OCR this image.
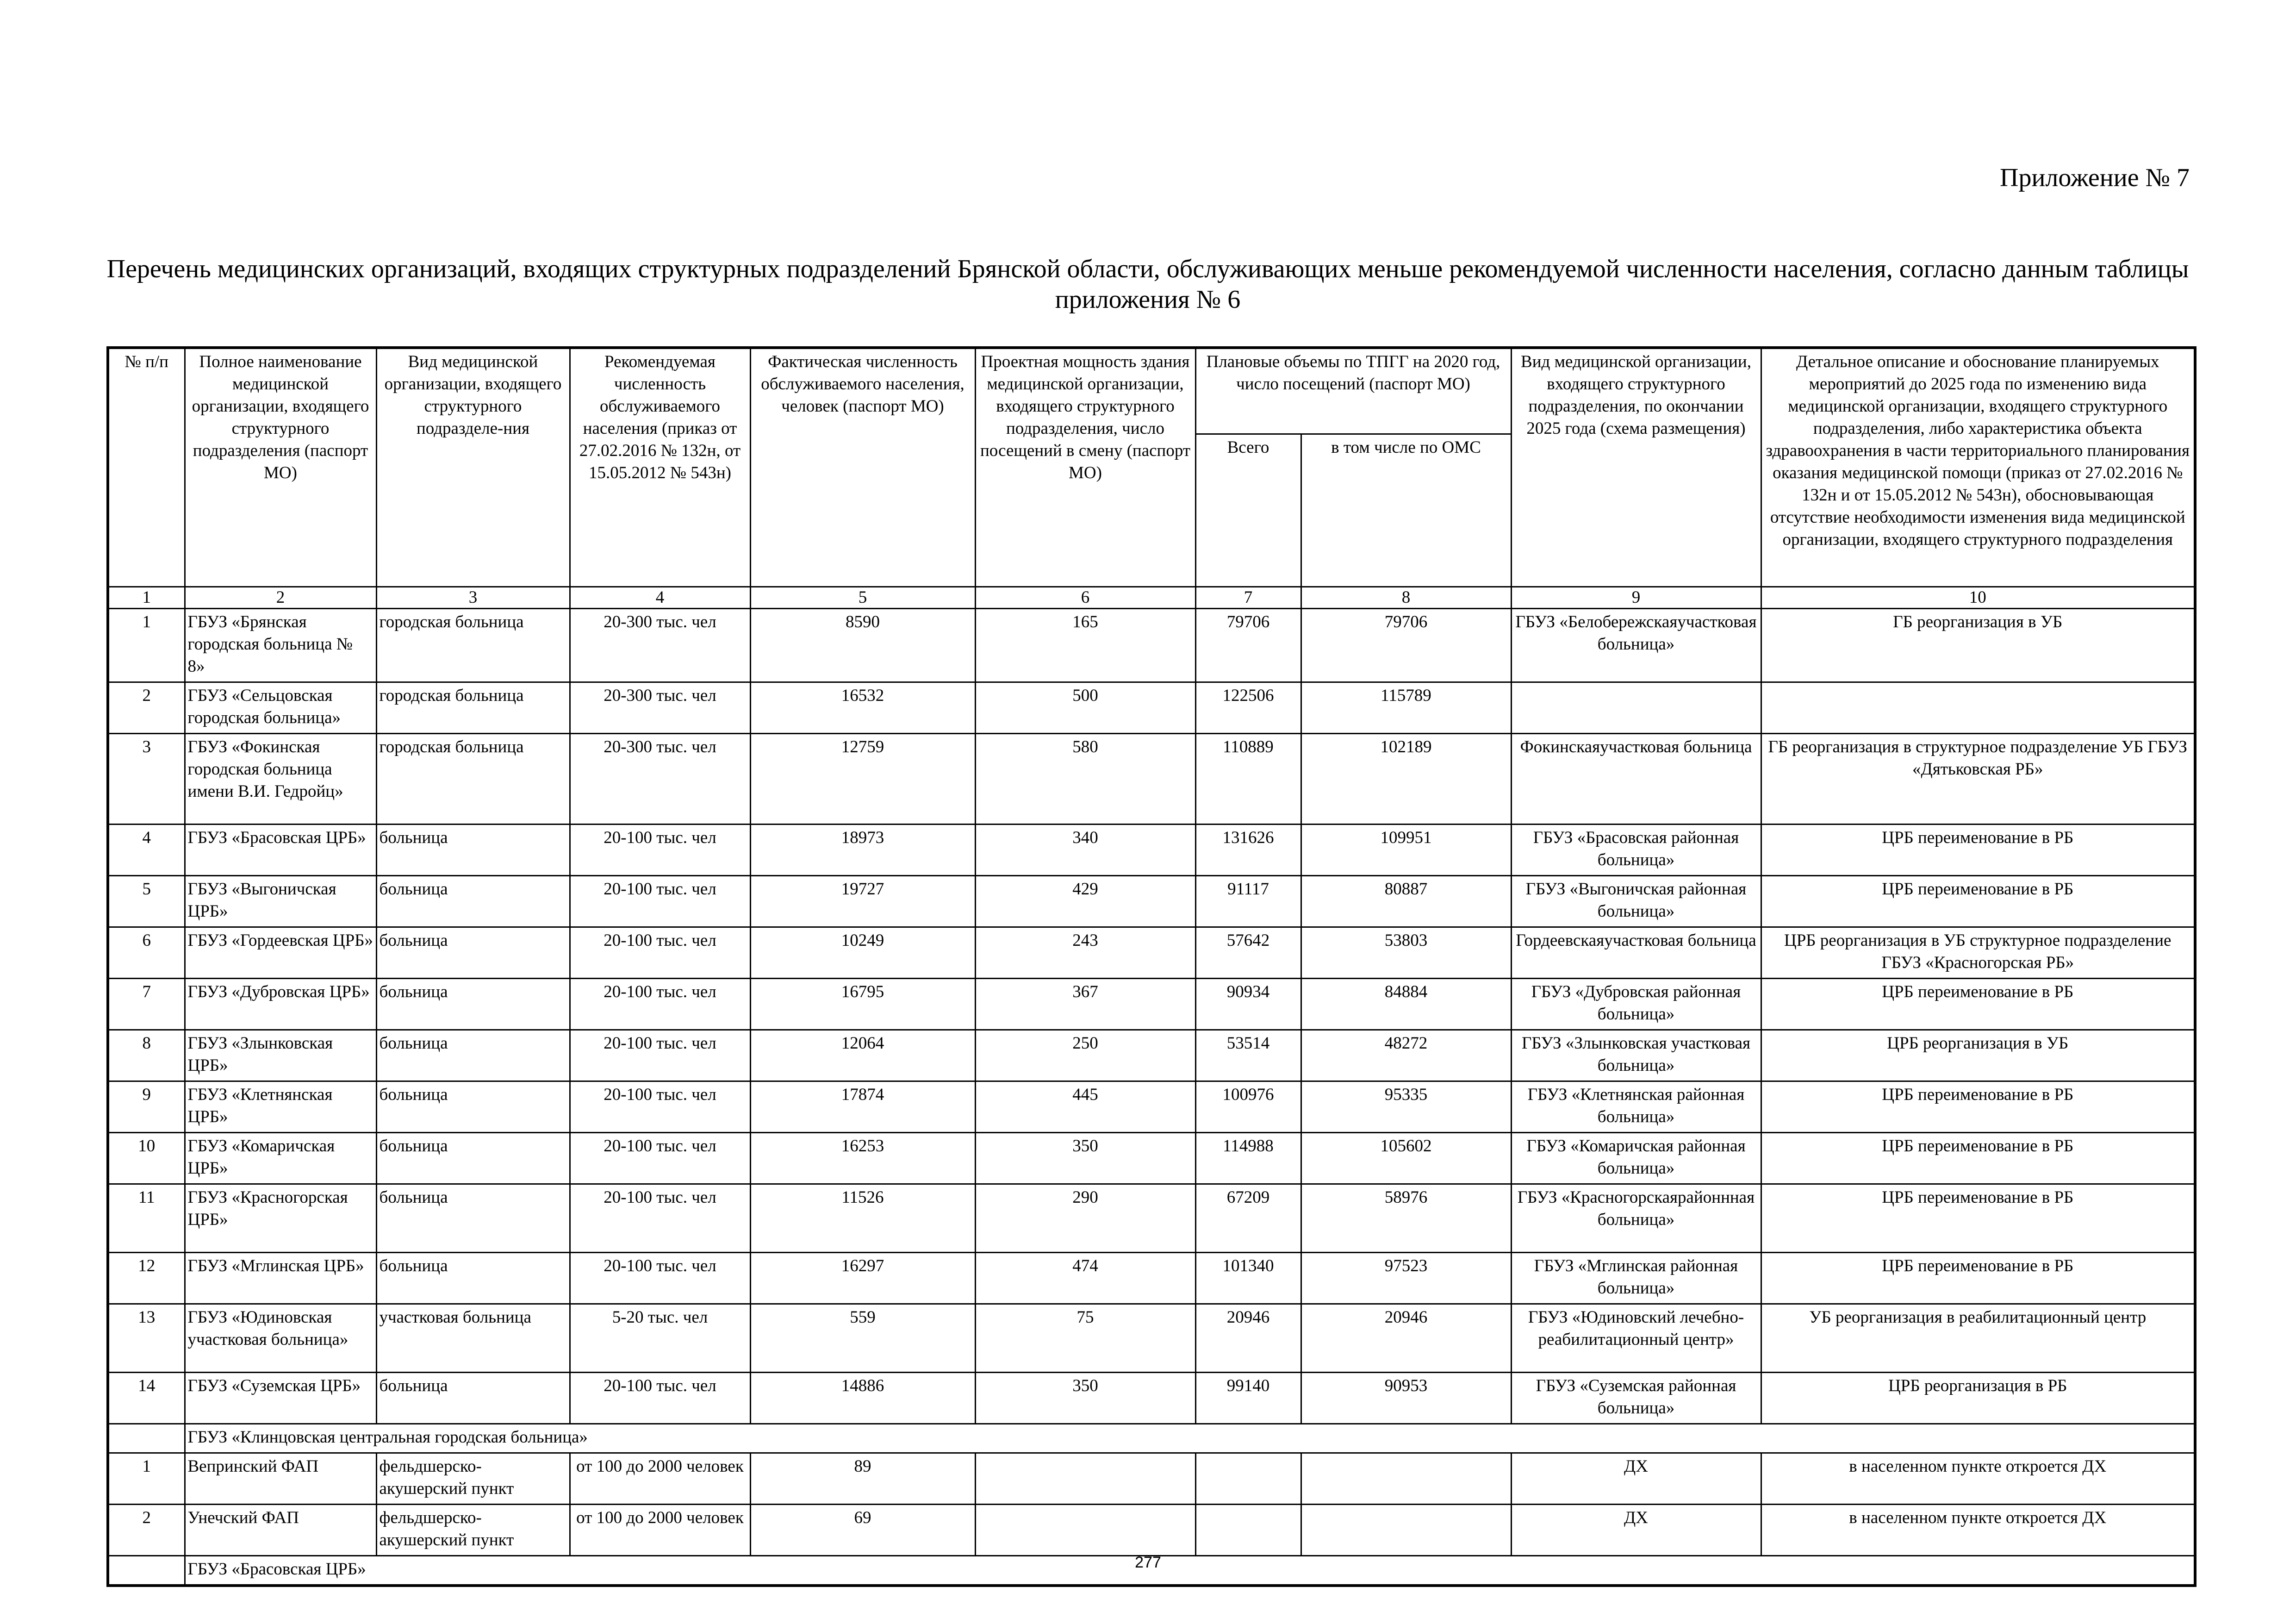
Приложение № 7

Перечень медицинских организаций, входящих структурных подразделений Брянской области, обслуживающих меньше рекомендуемой численности населения, согласно данным таблицы приложения № 6

№ п/п	Полное наименование медицинской организации, входящего структурного подразделения (паспорт МО)	Вид медицинской организации, входящего структурного подразделе-ния	Рекомендуемая численность обслуживаемого населения (приказ от 27.02.2016 № 132н, от 15.05.2012 № 543н)	Фактическая численность обслуживаемого населения, человек (паспорт МО)	Проектная мощность здания медицинской организации, входящего структурного подразделения, число посещений в смену (паспорт МО)	Плановые объемы по ТПГГ на 2020 год, число посещений (паспорт МО)		Вид медицинской организации, входящего структурного подразделения, по окончании 2025 года (схема размещения)	Детальное описание и обоснование планируемых мероприятий до 2025 года по изменению вида медицинской организации, входящего структурного подразделения, либо характеристика объекта здравоохранения в части территориального планирования оказания медицинской помощи (приказ от 27.02.2016 № 132н и от 15.05.2012 № 543н), обосновывающая отсутствие необходимости изменения вида медицинской организации, входящего структурного подразделения
						Всего	в том числе по ОМС		
1	2	3	4	5	6	7	8	9	10
1	ГБУЗ «Брянская городская больница № 8»	городская больница	20-300 тыс. чел	8590	165	79706	79706	ГБУЗ «Белобережскаяучастковая больница»	ГБ реорганизация в УБ
2	ГБУЗ «Сельцовская городская больница»	городская больница	20-300 тыс. чел	16532	500	122506	115789		
3	ГБУЗ «Фокинская городская больница имени В.И. Гедройц»	городская больница	20-300 тыс. чел	12759	580	110889	102189	Фокинскаяучастковая больница	ГБ реорганизация в структурное подразделение УБ ГБУЗ «Дятьковская РБ»
4	ГБУЗ «Брасовская ЦРБ»	больница	20-100 тыс. чел	18973	340	131626	109951	ГБУЗ «Брасовская районная больница»	ЦРБ переименование в РБ
5	ГБУЗ «Выгоничская ЦРБ»	больница	20-100 тыс. чел	19727	429	91117	80887	ГБУЗ «Выгоничская районная больница»	ЦРБ переименование в РБ
6	ГБУЗ «Гордеевская ЦРБ»	больница	20-100 тыс. чел	10249	243	57642	53803	Гордеевскаяучастковая больница	ЦРБ реорганизация в УБ структурное подразделение ГБУЗ «Красногорская РБ»
7	ГБУЗ «Дубровская ЦРБ»	больница	20-100 тыс. чел	16795	367	90934	84884	ГБУЗ «Дубровская районная больница»	ЦРБ переименование в РБ
8	ГБУЗ «Злынковская ЦРБ»	больница	20-100 тыс. чел	12064	250	53514	48272	ГБУЗ «Злынковская участковая больница»	ЦРБ реорганизация в УБ
9	ГБУЗ «Клетнянская ЦРБ»	больница	20-100 тыс. чел	17874	445	100976	95335	ГБУЗ «Клетнянская районная больница»	ЦРБ переименование в РБ
10	ГБУЗ «Комаричская ЦРБ»	больница	20-100 тыс. чел	16253	350	114988	105602	ГБУЗ «Комаричская районная больница»	ЦРБ переименование в РБ
11	ГБУЗ «Красногорская ЦРБ»	больница	20-100 тыс. чел	11526	290	67209	58976	ГБУЗ «Красногорскаярайоннная больница»	ЦРБ переименование в РБ
12	ГБУЗ «Мглинская ЦРБ»	больница	20-100 тыс. чел	16297	474	101340	97523	ГБУЗ «Мглинская районная больница»	ЦРБ переименование в РБ
13	ГБУЗ «Юдиновская участковая больница»	участковая больница	5-20 тыс. чел	559	75	20946	20946	ГБУЗ «Юдиновский лечебно-реабилитационный центр»	УБ реорганизация в реабилитационный центр
14	ГБУЗ «Суземская ЦРБ»	больница	20-100 тыс. чел	14886	350	99140	90953	ГБУЗ «Суземская районная больница»	ЦРБ реорганизация в РБ
	ГБУЗ «Клинцовская центральная городская больница»								
1	Вепринский ФАП	фельдшерско-акушерский пункт	от 100 до 2000 человек	89				ДХ	в населенном пункте откроется ДХ
2	Унечский ФАП	фельдшерско-акушерский пункт	от 100 до 2000 человек	69				ДХ	в населенном пункте откроется ДХ
	ГБУЗ «Брасовская ЦРБ»									277
